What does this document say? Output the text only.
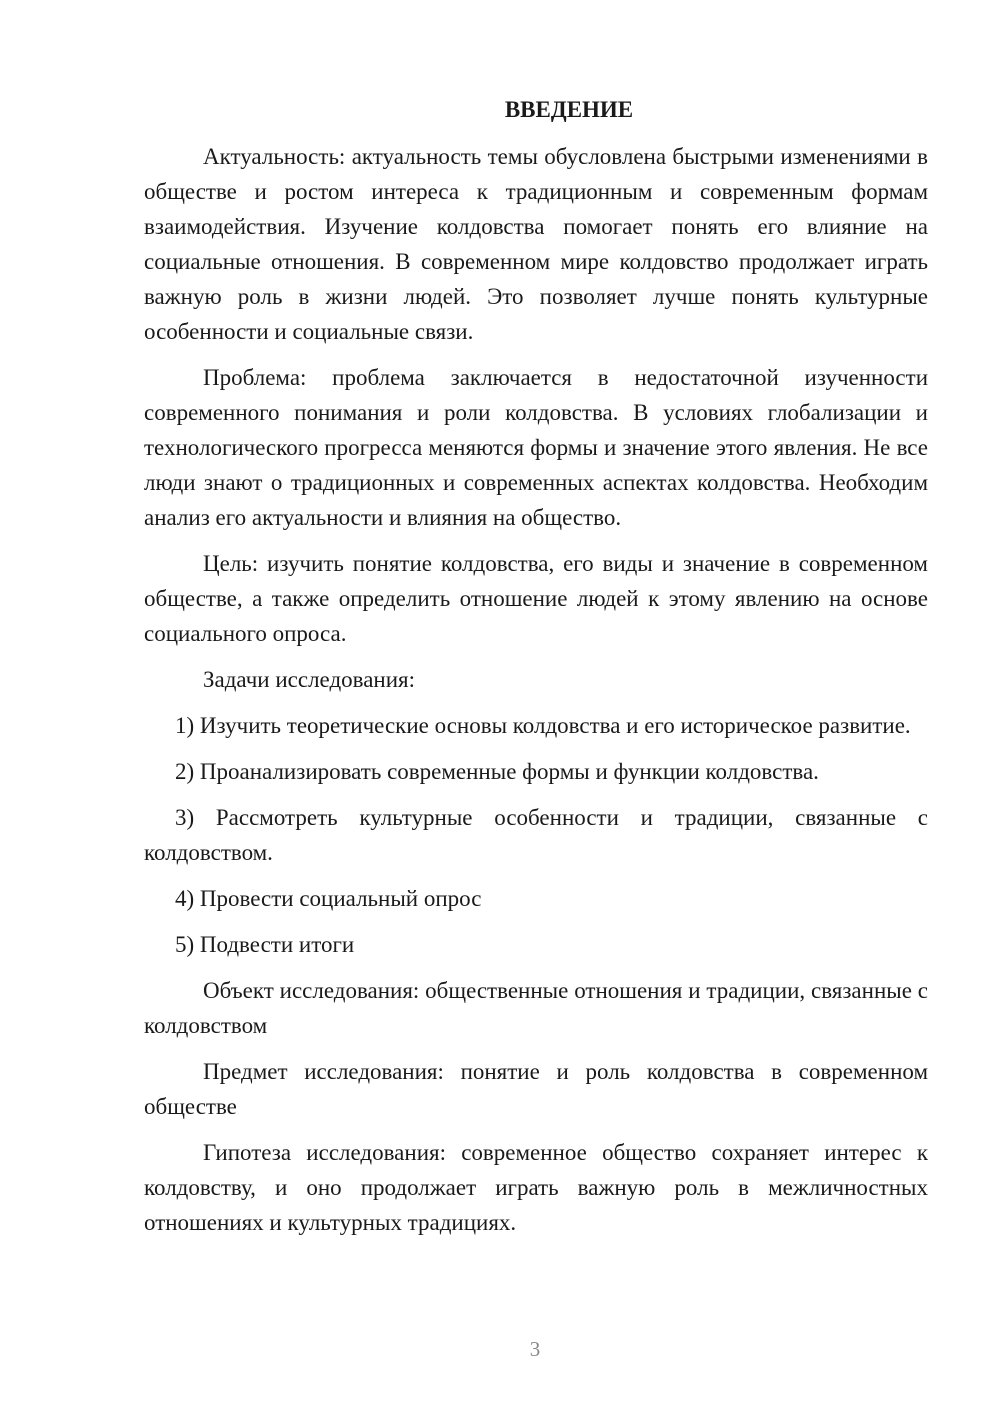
ВВЕДЕНИЕ

Актуальность: актуальность темы обусловлена быстрыми изменениями в обществе и ростом интереса к традиционным и современным формам взаимодействия. Изучение колдовства помогает понять его влияние на социальные отношения. В современном мире колдовство продолжает играть важную роль в жизни людей. Это позволяет лучше понять культурные особенности и социальные связи.

Проблема: проблема заключается в недостаточной изученности современного понимания и роли колдовства. В условиях глобализации и технологического прогресса меняются формы и значение этого явления. Не все люди знают о традиционных и современных аспектах колдовства. Необходим анализ его актуальности и влияния на общество.

Цель: изучить понятие колдовства, его виды и значение в современном обществе, а также определить отношение людей к этому явлению на основе социального опроса.

Задачи исследования:

1) Изучить теоретические основы колдовства и его историческое развитие.

2) Проанализировать современные формы и функции колдовства.

3) Рассмотреть культурные особенности и традиции, связанные с колдовством.

4) Провести социальный опрос

5) Подвести итоги

Объект исследования: общественные отношения и традиции, связанные с колдовством

Предмет исследования: понятие и роль колдовства в современном обществе

Гипотеза исследования: современное общество сохраняет интерес к колдовству, и оно продолжает играть важную роль в межличностных отношениях и культурных традициях.

3
